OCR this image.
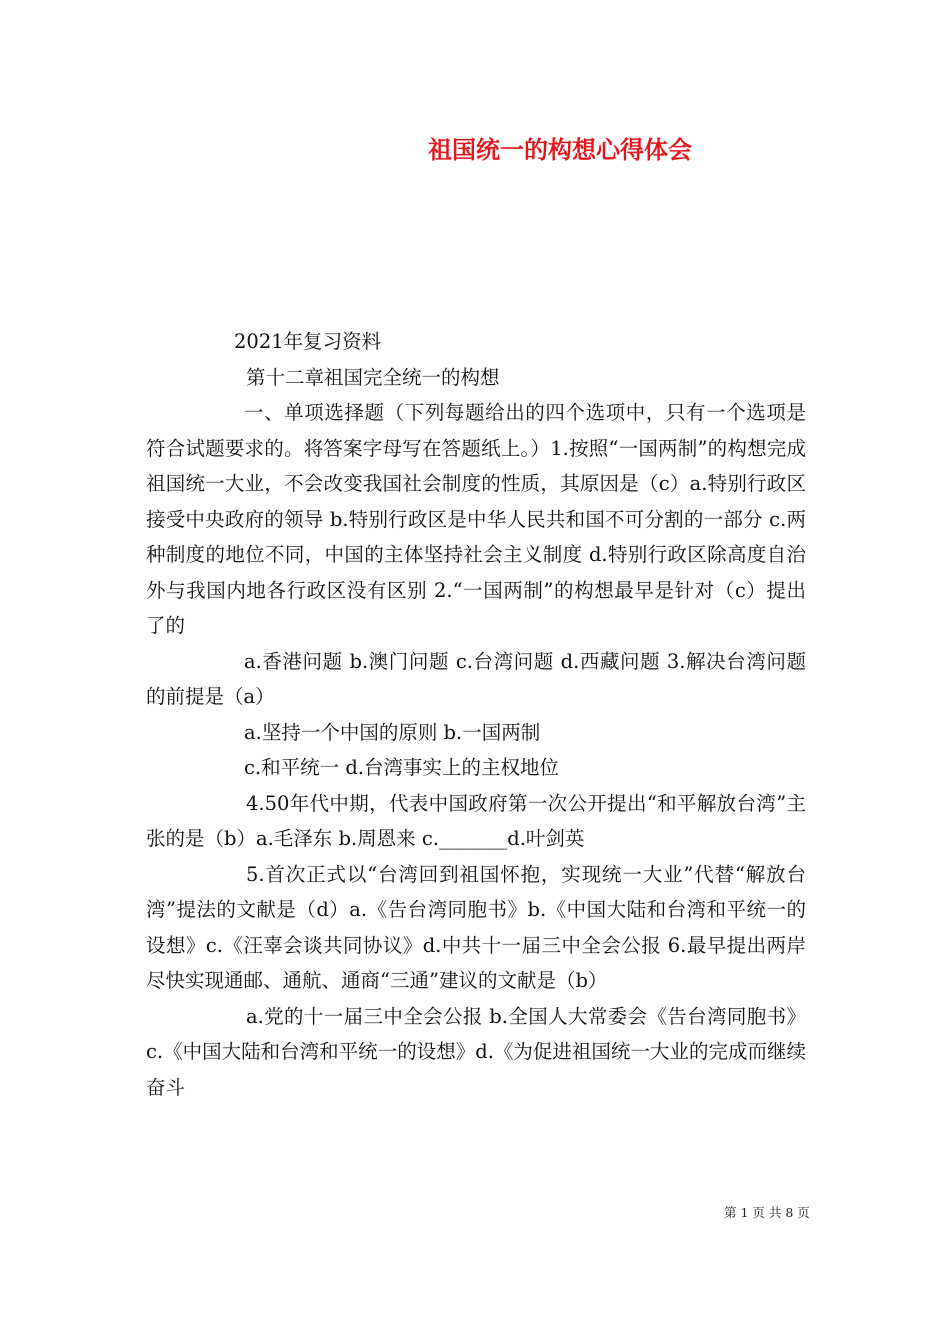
祖国统一的构想心得体会

2021年复习资料

第十二章祖国完全统一的构想

一、单项选择题（下列每题给出的四个选项中，只有一个选项是符合试题要求的。将答案字母写在答题纸上。）1.按照“一国两制”的构想完成祖国统一大业，不会改变我国社会制度的性质，其原因是（c）a.特别行政区接受中央政府的领导 b.特别行政区是中华人民共和国不可分割的一部分 c.两种制度的地位不同，中国的主体坚持社会主义制度 d.特别行政区除高度自治外与我国内地各行政区没有区别 2.“一国两制”的构想最早是针对（c）提出了的

a.香港问题 b.澳门问题 c.台湾问题 d.西藏问题 3.解决台湾问题的前提是（a）

a.坚持一个中国的原则 b.一国两制

c.和平统一 d.台湾事实上的主权地位

4.50年代中期，代表中国政府第一次公开提出“和平解放台湾”主张的是（b）a.毛泽东 b.周恩来 c._______d.叶剑英

5.首次正式以“台湾回到祖国怀抱，实现统一大业”代替“解放台湾”提法的文献是（d）a.《告台湾同胞书》b.《中国大陆和台湾和平统一的设想》c.《汪辜会谈共同协议》d.中共十一届三中全会公报 6.最早提出两岸尽快实现通邮、通航、通商“三通”建议的文献是（b）

a.党的十一届三中全会公报 b.全国人大常委会《告台湾同胞书》c.《中国大陆和台湾和平统一的设想》d.《为促进祖国统一大业的完成而继续奋斗

第 1 页 共 8 页
